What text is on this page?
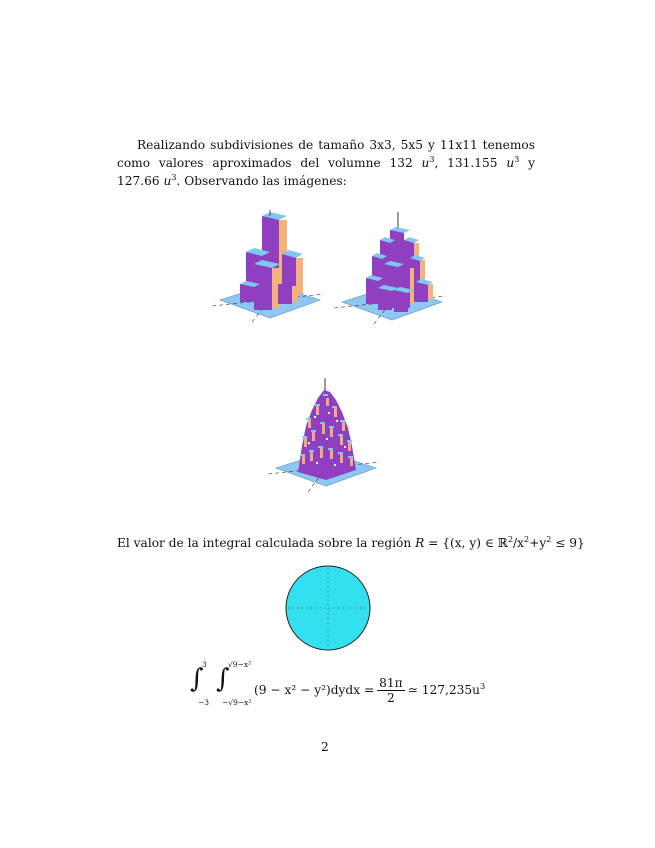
Realizando subdivisiones de tamaño 3x3, 5x5 y 11x11 tenemos como valores aproximados del volumne 132 $u^3$, 131.155 $u^3$ y 127.66 $u^3$. Observando las imágenes:
El valor de la integral calculada sobre la región R = {(x, y) ∈ $ℝ^2/x^2+y^2 \le 9$}
∫
3
−3
∫
√9−x²
−√9−x²
(9 − x² − y²)dydx = $\frac{81\pi}{2}$ ≃ $127,235u^3$
2
